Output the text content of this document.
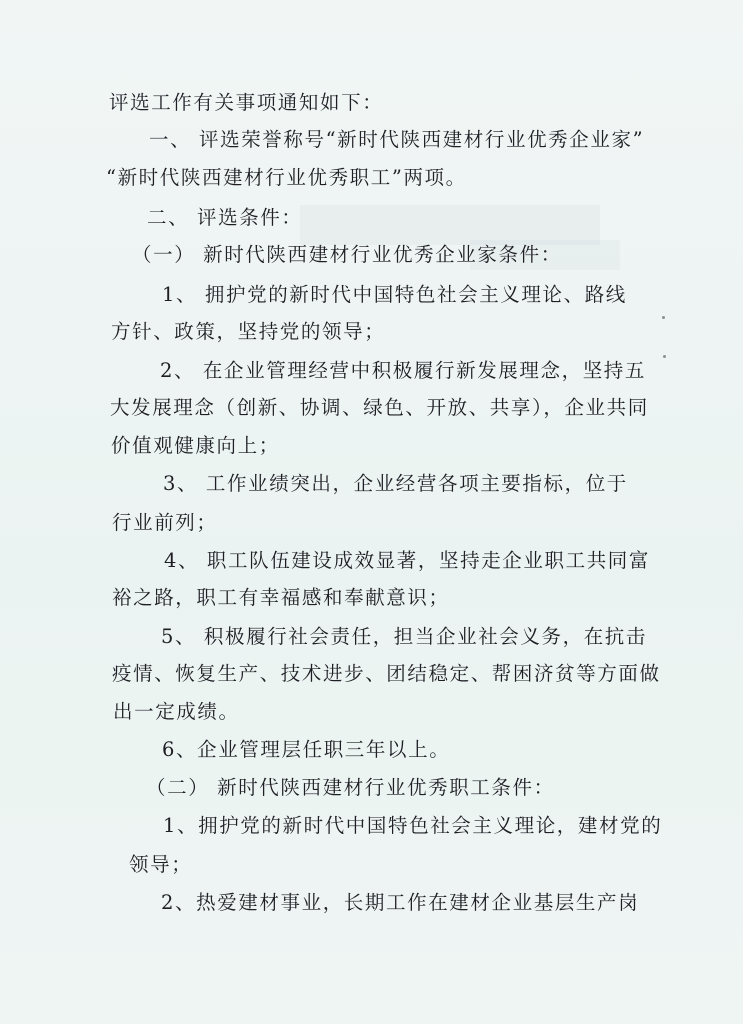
评选工作有关事项通知如下：
一、 评选荣誉称号“新时代陕西建材行业优秀企业家”
“新时代陕西建材行业优秀职工”两项。
二、 评选条件：
（一） 新时代陕西建材行业优秀企业家条件：
1、 拥护党的新时代中国特色社会主义理论、路线
方针、政策，坚持党的领导；
2、 在企业管理经营中积极履行新发展理念，坚持五
大发展理念（创新、协调、绿色、开放、共享），企业共同
价值观健康向上；
3、 工作业绩突出，企业经营各项主要指标，位于
行业前列；
4、 职工队伍建设成效显著，坚持走企业职工共同富
裕之路，职工有幸福感和奉献意识；
5、 积极履行社会责任，担当企业社会义务，在抗击
疫情、恢复生产、技术进步、团结稳定、帮困济贫等方面做
出一定成绩。
6、企业管理层任职三年以上。
（二） 新时代陕西建材行业优秀职工条件：
1、拥护党的新时代中国特色社会主义理论，建材党的
领导；
2、热爱建材事业，长期工作在建材企业基层生产岗
